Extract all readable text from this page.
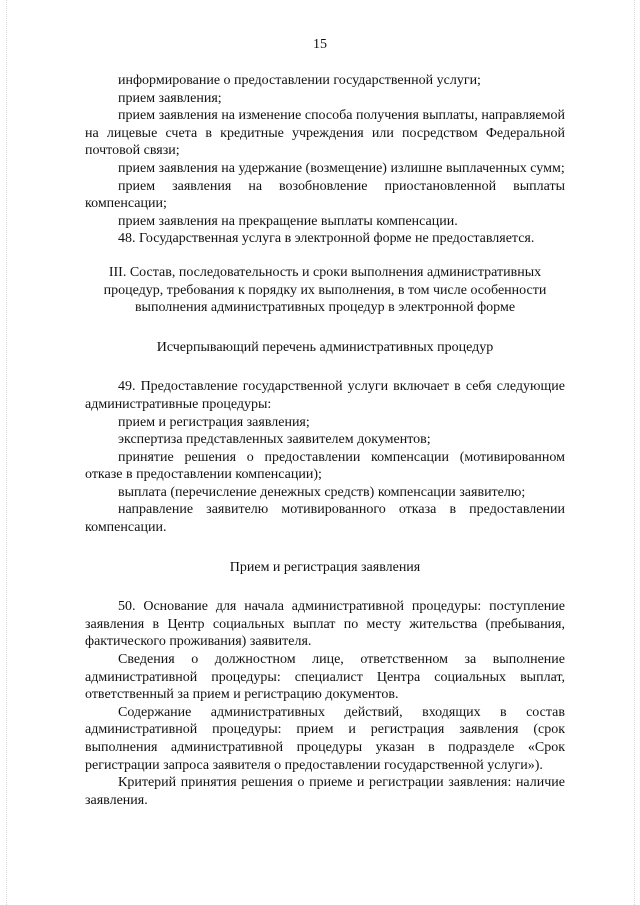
15

информирование о предоставлении государственной услуги;

прием заявления;

прием заявления на изменение способа получения выплаты, направляемой на лицевые счета в кредитные учреждения или посредством Федеральной почтовой связи;

прием заявления на удержание (возмещение) излишне выплаченных сумм;

прием заявления на возобновление приостановленной выплаты компенсации;

прием заявления на прекращение выплаты компенсации.

48. Государственная услуга в электронной форме не предоставляется.

III. Состав, последовательность и сроки выполнения административных

процедур, требования к порядку их выполнения, в том числе особенности

выполнения административных процедур в электронной форме

Исчерпывающий перечень административных процедур

49. Предоставление государственной услуги включает в себя следующие административные процедуры:

прием и регистрация заявления;

экспертиза представленных заявителем документов;

принятие решения о предоставлении компенсации (мотивированном отказе в предоставлении компенсации);

выплата (перечисление денежных средств) компенсации заявителю;

направление заявителю мотивированного отказа в предоставлении компенсации.

Прием и регистрация заявления

50. Основание для начала административной процедуры: поступление заявления в Центр социальных выплат по месту жительства (пребывания, фактического проживания) заявителя.

Сведения о должностном лице, ответственном за выполнение административной процедуры: специалист Центра социальных выплат, ответственный за прием и регистрацию документов.

Содержание административных действий, входящих в состав административной процедуры: прием и регистрация заявления (срок выполнения административной процедуры указан в подразделе «Срок регистрации запроса заявителя о предоставлении государственной услуги»).

Критерий принятия решения о приеме и регистрации заявления: наличие заявления.
